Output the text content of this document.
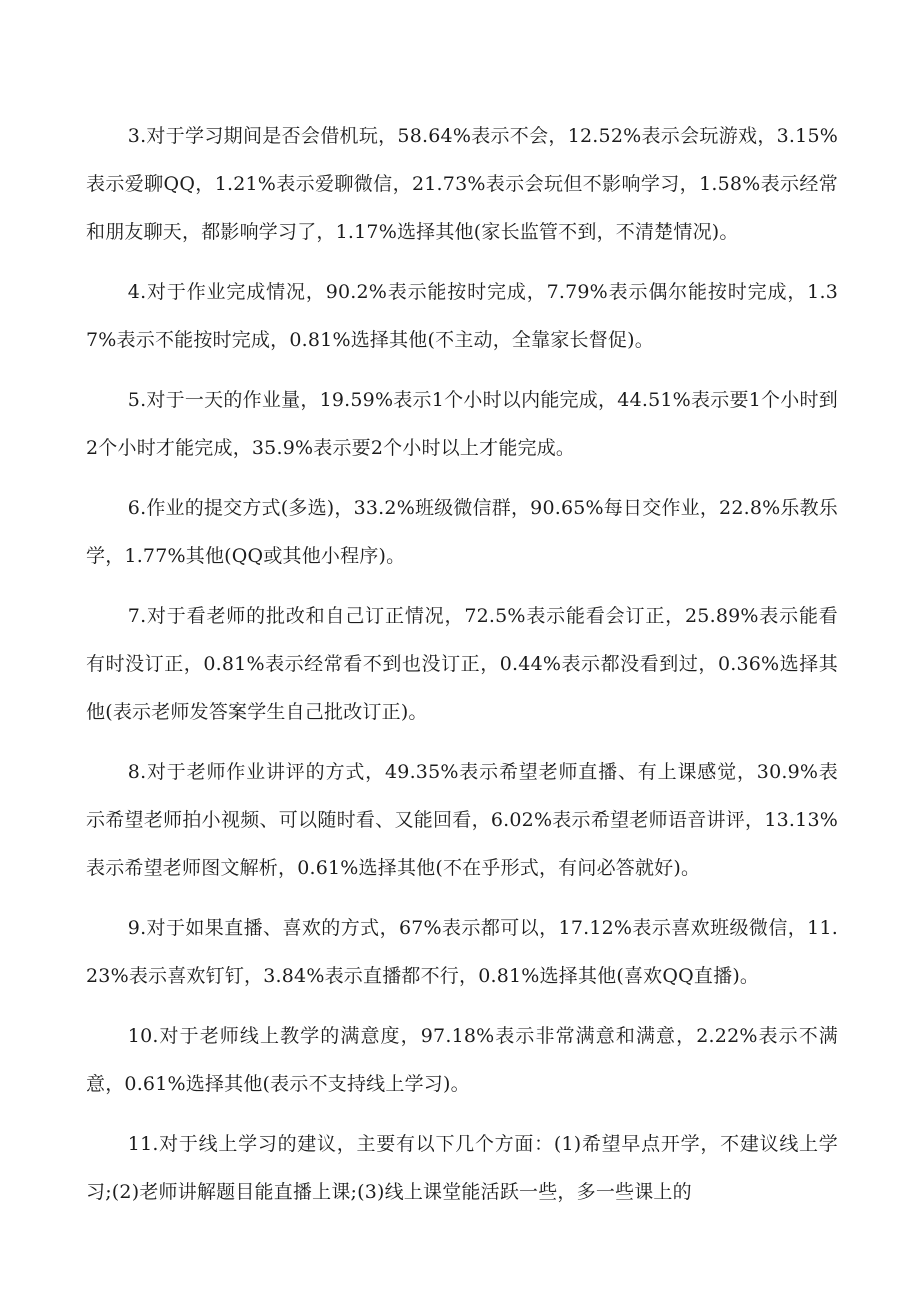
3.对于学习期间是否会借机玩，58.64%表示不会，12.52%表示会玩游戏，3.15%表示爱聊QQ，1.21%表示爱聊微信，21.73%表示会玩但不影响学习，1.58%表示经常和朋友聊天，都影响学习了，1.17%选择其他(家长监管不到，不清楚情况)。

4.对于作业完成情况，90.2%表示能按时完成，7.79%表示偶尔能按时完成，1.37%表示不能按时完成，0.81%选择其他(不主动，全靠家长督促)。

5.对于一天的作业量，19.59%表示1个小时以内能完成，44.51%表示要1个小时到2个小时才能完成，35.9%表示要2个小时以上才能完成。

6.作业的提交方式(多选)，33.2%班级微信群，90.65%每日交作业，22.8%乐教乐学，1.77%其他(QQ或其他小程序)。

7.对于看老师的批改和自己订正情况，72.5%表示能看会订正，25.89%表示能看有时没订正，0.81%表示经常看不到也没订正，0.44%表示都没看到过，0.36%选择其他(表示老师发答案学生自己批改订正)。

8.对于老师作业讲评的方式，49.35%表示希望老师直播、有上课感觉，30.9%表示希望老师拍小视频、可以随时看、又能回看，6.02%表示希望老师语音讲评，13.13%表示希望老师图文解析，0.61%选择其他(不在乎形式，有问必答就好)。

9.对于如果直播、喜欢的方式，67%表示都可以，17.12%表示喜欢班级微信，11.23%表示喜欢钉钉，3.84%表示直播都不行，0.81%选择其他(喜欢QQ直播)。

10.对于老师线上教学的满意度，97.18%表示非常满意和满意，2.22%表示不满意，0.61%选择其他(表示不支持线上学习)。

11.对于线上学习的建议，主要有以下几个方面：(1)希望早点开学，不建议线上学习;(2)老师讲解题目能直播上课;(3)线上课堂能活跃一些，多一些课上的
